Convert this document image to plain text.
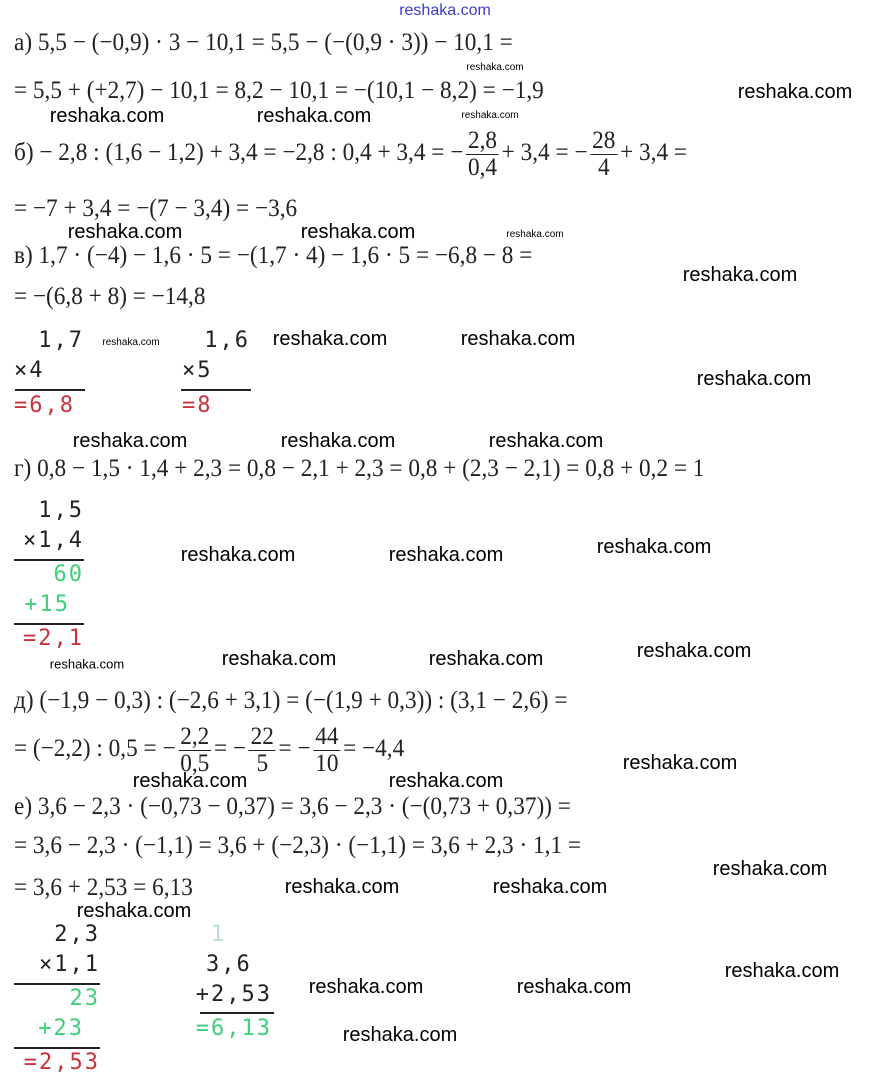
а) 5,5 − (−0,9) · 3 − 10,1 = 5,5 − (−(0,9 · 3)) − 10,1 =
= 5,5 + (+2,7) − 10,1 = 8,2 − 10,1 = −(10,1 − 8,2) = −1,9
б) − 2,8 : (1,6 − 1,2) + 3,4 = −2,8 : 0,4 + 3,4 = − $\frac{2,8}{0,4} + 3,4$ = − $\frac{28}{4} + 3,4$ =
= −7 + 3,4 = −(7 − 3,4) = −3,6
в) 1,7 · (−4) − 1,6 · 5 = −(1,7 · 4) − 1,6 · 5 = −6,8 − 8 =
= −(6,8 + 8) = −14,8
1,7
×4
=6,8
1,6
×5
=8
г) 0,8 − 1,5 · 1,4 + 2,3 = 0,8 − 2,1 + 2,3 = 0,8 + (2,3 − 2,1) = 0,8 + 0,2 = 1
1,5
×1,4
60
+15
=2,1
д) (−1,9 − 0,3) : (−2,6 + 3,1) = (−(1,9 + 0,3)) : (3,1 − 2,6) =
= (−2,2) : 0,5 = − $\frac{2,2}{0,5}$ = − $\frac{22}{5}$ = − $\frac{44}{10} = -4,4$
е) 3,6 − 2,3 · (−0,73 − 0,37) = 3,6 − 2,3 · (−(0,73 + 0,37)) =
= 3,6 − 2,3 · (−1,1) = 3,6 + (−2,3) · (−1,1) = 3,6 + 2,3 · 1,1 =
= 3,6 + 2,53 = 6,13
2,3
×1,1
23
+23
=2,53
1
3,6
+2,53
=6,13
reshaka.com
reshaka.com
reshaka.com
reshaka.com
reshaka.com
reshaka.com
reshaka.com	reshaka.com
reshaka.com
reshaka.com	reshaka.com
reshaka.com
reshaka.com	reshaka.com
reshaka.com
reshaka.com	reshaka.com	reshaka.com
reshaka.com	reshaka.com	reshaka.com
reshaka.com	reshaka.com	reshaka.com
reshaka.com
reshaka.com	reshaka.com
reshaka.com
reshaka.com	reshaka.com
reshaka.com
reshaka.com	reshaka.com
reshaka.com
reshaka.com
